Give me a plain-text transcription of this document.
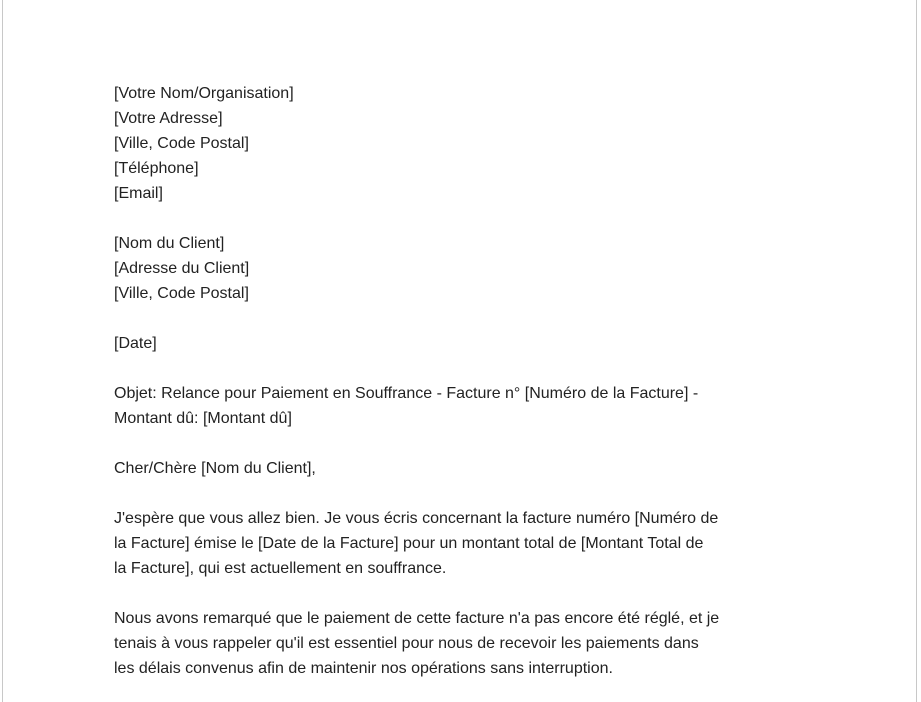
[Votre Nom/Organisation]
[Votre Adresse]
[Ville, Code Postal]
[Téléphone]
[Email]
[Nom du Client]
[Adresse du Client]
[Ville, Code Postal]
[Date]
Objet: Relance pour Paiement en Souffrance - Facture n° [Numéro de la Facture] -
Montant dû: [Montant dû]
Cher/Chère [Nom du Client],
J'espère que vous allez bien. Je vous écris concernant la facture numéro [Numéro de
la Facture] émise le [Date de la Facture] pour un montant total de [Montant Total de
la Facture], qui est actuellement en souffrance.
Nous avons remarqué que le paiement de cette facture n'a pas encore été réglé, et je
tenais à vous rappeler qu'il est essentiel pour nous de recevoir les paiements dans
les délais convenus afin de maintenir nos opérations sans interruption.
